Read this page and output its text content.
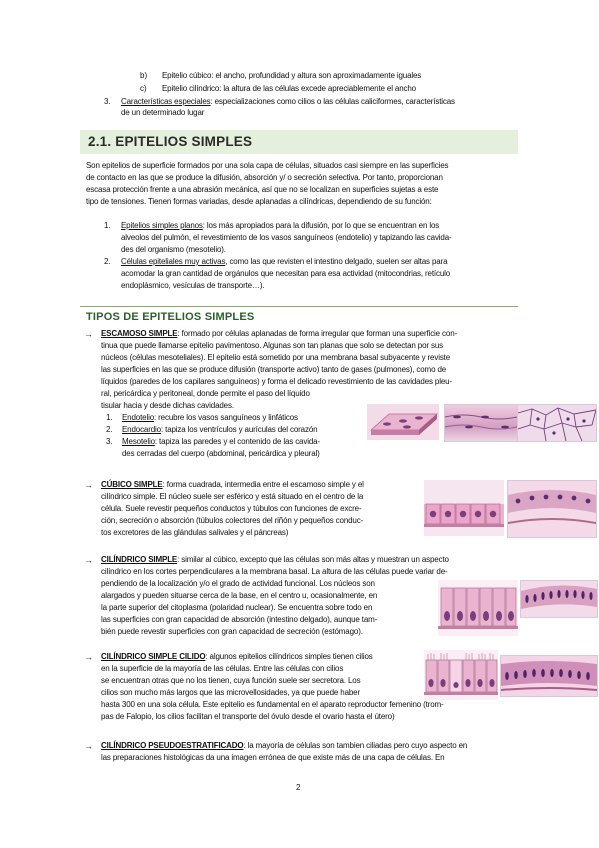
b) Epitelio cúbico: el ancho, profundidad y altura son aproximadamente iguales
c) Epitelio cilíndrico: la altura de las células excede apreciablemente el ancho
3. Características especiales: especializaciones como cilios o las células caliciformes, características
de un determinado lugar
2.1. EPITELIOS SIMPLES
Son epitelios de superficie formados por una sola capa de células, situados casi siempre en las superficies
de contacto en las que se produce la difusión, absorción y/ o secreción selectiva. Por tanto, proporcionan
escasa protección frente a una abrasión mecánica, así que no se localizan en superficies sujetas a este
tipo de tensiones. Tienen formas variadas, desde aplanadas a cilíndricas, dependiendo de su función:
1. Epitelios simples planos: los más apropiados para la difusión, por lo que se encuentran en los
alveolos del pulmón, el revestimiento de los vasos sanguíneos (endotelio) y tapizando las cavida-
des del organismo (mesotelio).
2. Células epiteliales muy activas, como las que revisten el intestino delgado, suelen ser altas para
acomodar la gran cantidad de orgánulos que necesitan para esa actividad (mitocondrias, retículo
endoplásmico, vesículas de transporte…).
TIPOS DE EPITELIOS SIMPLES
→ ESCAMOSO SIMPLE: formado por células aplanadas de forma irregular que forman una superficie con-
tinua que puede llamarse epitelio pavimentoso. Algunas son tan planas que solo se detectan por sus
núcleos (células mesoteliales). El epitelio está sometido por una membrana basal subyacente y reviste
las superficies en las que se produce difusión (transporte activo) tanto de gases (pulmones), como de
líquidos (paredes de los capilares sanguíneos) y forma el delicado revestimiento de las cavidades pleu-
ral, pericárdica y peritoneal, donde permite el paso del líquido
tisular hacia y desde dichas cavidades.
1. Endotelio: recubre los vasos sanguíneos y linfáticos
2. Endocardio: tapiza los ventrículos y aurículas del corazón
3. Mesotelio: tapiza las paredes y el contenido de las cavida-
des cerradas del cuerpo (abdominal, pericárdica y pleural)
→ CÚBICO SIMPLE: forma cuadrada, intermedia entre el escamoso simple y el
cilíndrico simple. El núcleo suele ser esférico y está situado en el centro de la
célula. Suele revestir pequeños conductos y túbulos con funciones de excre-
ción, secreción o absorción (túbulos colectores del riñón y pequeños conduc-
tos excretores de las glándulas salivales y el páncreas)
→ CILÍNDRICO SIMPLE: similar al cúbico, excepto que las células son más altas y muestran un aspecto
cilíndrico en los cortes perpendiculares a la membrana basal. La altura de las células puede variar de-
pendiendo de la localización y/o el grado de actividad funcional. Los núcleos son
alargados y pueden situarse cerca de la base, en el centro u, ocasionalmente, en
la parte superior del citoplasma (polaridad nuclear). Se encuentra sobre todo en
las superficies con gran capacidad de absorción (intestino delgado), aunque tam-
bién puede revestir superficies con gran capacidad de secreción (estómago).
→ CILÍNDRICO SIMPLE CILIDO: algunos epitelios cilíndricos simples tienen cilios
en la superficie de la mayoría de las células. Entre las células con cilios
se encuentran otras que no los tienen, cuya función suele ser secretora. Los
cilios son mucho más largos que las microvellosidades, ya que puede haber
hasta 300 en una sola célula. Este epitelio es fundamental en el aparato reproductor femenino (trom-
pas de Falopio, los cilios facilitan el transporte del óvulo desde el ovario hasta el útero)
→ CILÍNDRICO PSEUDOESTRATIFICADO: la mayoría de células son tambien ciliadas pero cuyo aspecto en
las preparaciones histológicas da una imagen errónea de que existe más de una capa de células. En
2
